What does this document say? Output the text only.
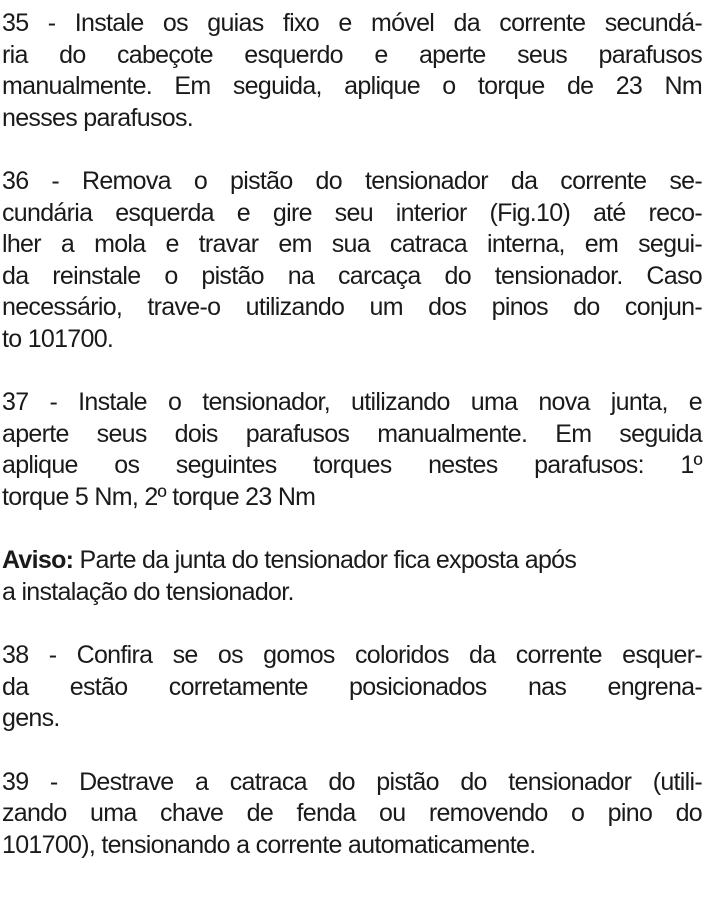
35 - Instale os guias fixo e móvel da corrente secundá-
ria do cabeçote esquerdo e aperte seus parafusos
manualmente. Em seguida, aplique o torque de 23 Nm
nesses parafusos.
36 - Remova o pistão do tensionador da corrente se-
cundária esquerda e gire seu interior (Fig.10) até reco-
lher a mola e travar em sua catraca interna, em segui-
da reinstale o pistão na carcaça do tensionador. Caso
necessário, trave-o utilizando um dos pinos do conjun-
to 101700.
37 - Instale o tensionador, utilizando uma nova junta, e
aperte seus dois parafusos manualmente. Em seguida
aplique os seguintes torques nestes parafusos: 1º
torque 5 Nm, 2º torque 23 Nm
Aviso: Parte da junta do tensionador fica exposta após
a instalação do tensionador.
38 - Confira se os gomos coloridos da corrente esquer-
da estão corretamente posicionados nas engrena-
gens.
39 - Destrave a catraca do pistão do tensionador (utili-
zando uma chave de fenda ou removendo o pino do
101700), tensionando a corrente automaticamente.
